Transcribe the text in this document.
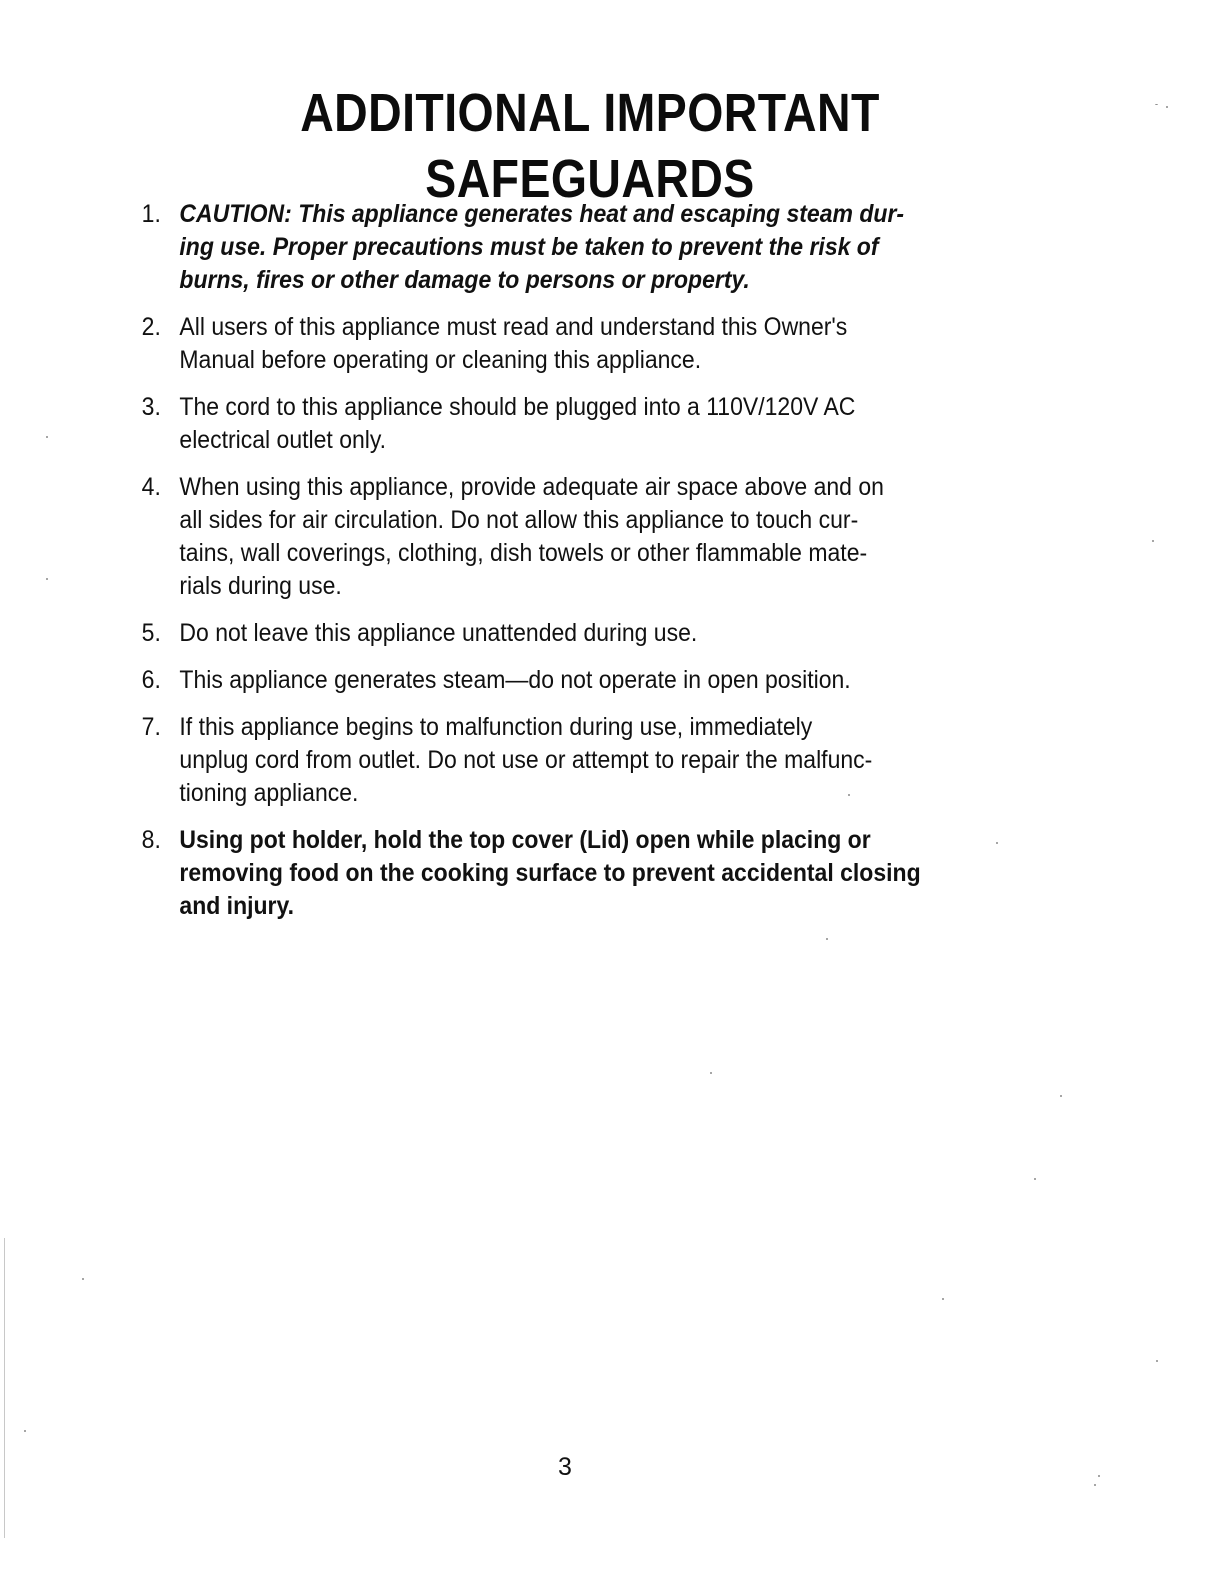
ADDITIONAL IMPORTANT
SAFEGUARDS
1. CAUTION: This appliance generates heat and escaping steam dur-
ing use. Proper precautions must be taken to prevent the risk of
burns, fires or other damage to persons or property.
2. All users of this appliance must read and understand this Owner's
Manual before operating or cleaning this appliance.
3. The cord to this appliance should be plugged into a 110V/120V AC
electrical outlet only.
4. When using this appliance, provide adequate air space above and on
all sides for air circulation. Do not allow this appliance to touch cur-
tains, wall coverings, clothing, dish towels or other flammable mate-
rials during use.
5. Do not leave this appliance unattended during use.
6. This appliance generates steam—do not operate in open position.
7. If this appliance begins to malfunction during use, immediately
unplug cord from outlet. Do not use or attempt to repair the malfunc-
tioning appliance.
8. Using pot holder, hold the top cover (Lid) open while placing or
removing food on the cooking surface to prevent accidental closing
and injury.
3
